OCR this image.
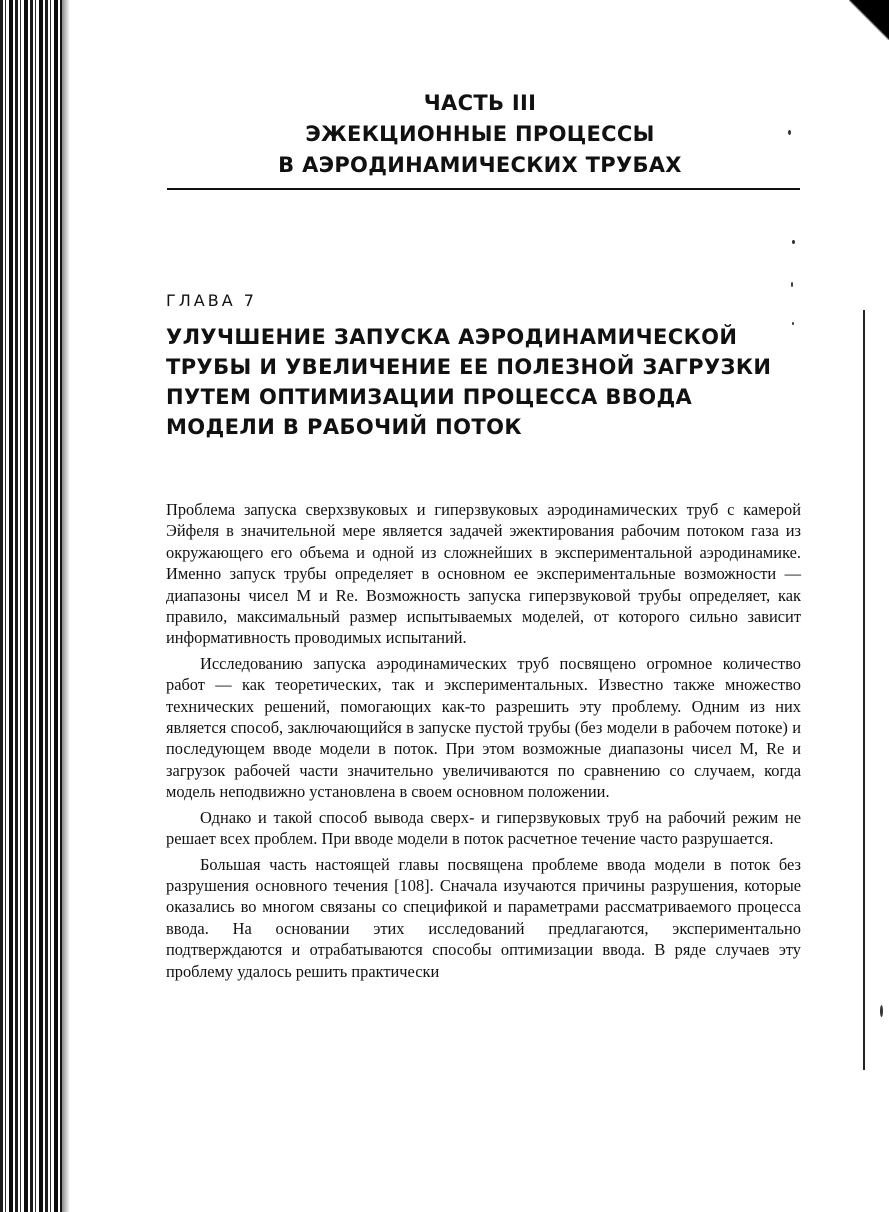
ЧАСТЬ III
ЭЖЕКЦИОННЫЕ ПРОЦЕССЫ
В АЭРОДИНАМИЧЕСКИХ ТРУБАХ
ГЛАВА 7
УЛУЧШЕНИЕ ЗАПУСКА АЭРОДИНАМИЧЕСКОЙ
ТРУБЫ И УВЕЛИЧЕНИЕ ЕЕ ПОЛЕЗНОЙ ЗАГРУЗКИ
ПУТЕМ ОПТИМИЗАЦИИ ПРОЦЕССА ВВОДА
МОДЕЛИ В РАБОЧИЙ ПОТОК

Проблема запуска сверхзвуковых и гиперзвуковых аэродинамических труб с камерой Эйфеля в значительной мере является задачей эжектирования рабочим потоком газа из окружающего его объема и одной из сложнейших в экспериментальной аэродинамике. Именно запуск трубы определяет в основном ее экспериментальные возможности — диапазоны чисел M и Re. Возможность запуска гиперзвуковой трубы определяет, как правило, максимальный размер испытываемых моделей, от которого сильно зависит информативность проводимых испытаний.

Исследованию запуска аэродинамических труб посвящено огромное количество работ — как теоретических, так и экспериментальных. Известно также множество технических решений, помогающих как-то разрешить эту проблему. Одним из них является способ, заключающийся в запуске пустой трубы (без модели в рабочем потоке) и последующем вводе модели в поток. При этом возможные диапазоны чисел M, Re и загрузок рабочей части значительно увеличиваются по сравнению со случаем, когда модель неподвижно установлена в своем основном положении.

Однако и такой способ вывода сверх- и гиперзвуковых труб на рабочий режим не решает всех проблем. При вводе модели в поток расчетное течение часто разрушается.

Большая часть настоящей главы посвящена проблеме ввода модели в поток без разрушения основного течения [108]. Сначала изучаются причины разрушения, которые оказались во многом связаны со спецификой и параметрами рассматриваемого процесса ввода. На основании этих исследований предлагаются, экспериментально подтверждаются и отрабатываются способы оптимизации ввода. В ряде случаев эту проблему удалось решить практически
